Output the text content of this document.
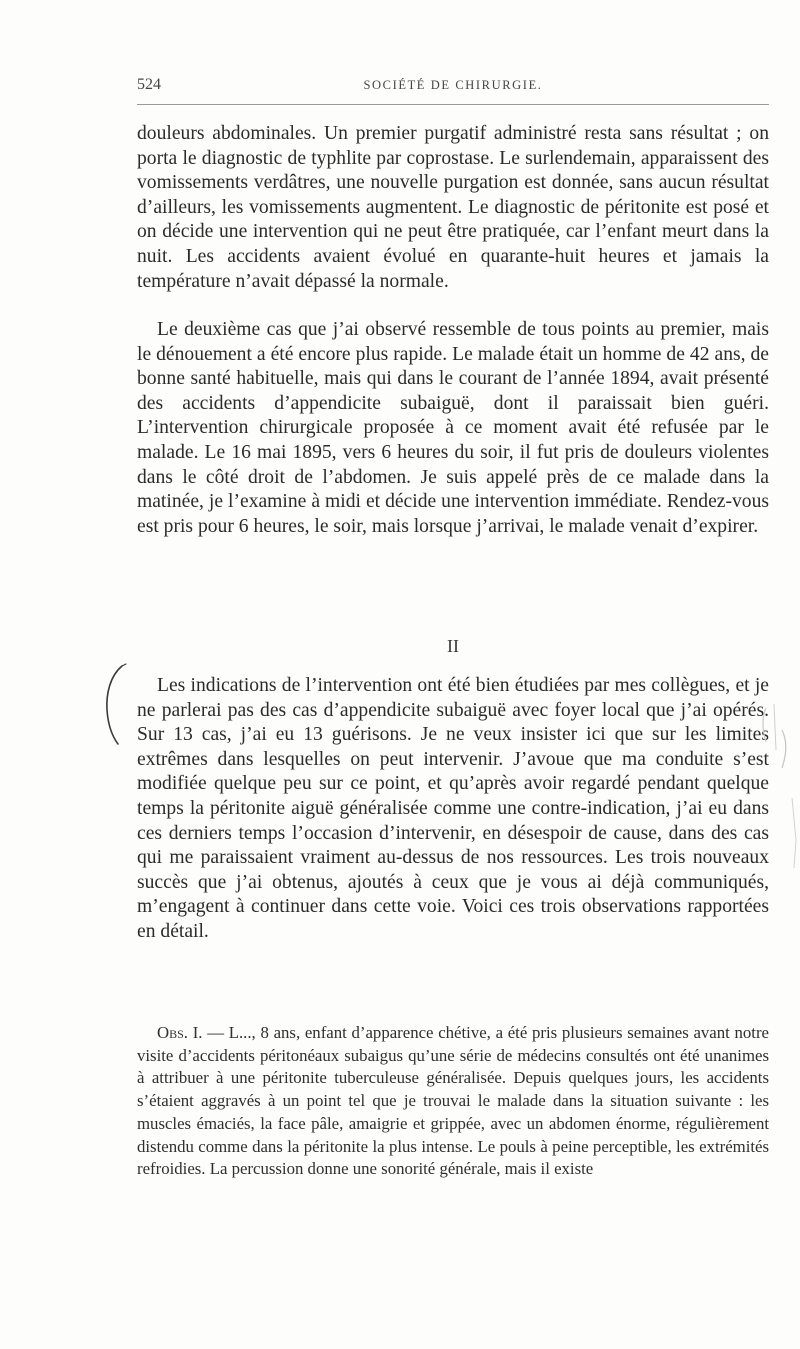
524	SOCIÉTÉ DE CHIRURGIE.

douleurs abdominales. Un premier purgatif administré resta sans résultat ; on porta le diagnostic de typhlite par coprostase. Le surlendemain, apparaissent des vomissements verdâtres, une nouvelle purgation est donnée, sans aucun résultat d’ailleurs, les vomissements augmentent. Le diagnostic de péritonite est posé et on décide une intervention qui ne peut être pratiquée, car l’enfant meurt dans la nuit. Les accidents avaient évolué en quarante-huit heures et jamais la température n’avait dépassé la normale.

Le deuxième cas que j’ai observé ressemble de tous points au premier, mais le dénouement a été encore plus rapide. Le malade était un homme de 42 ans, de bonne santé habituelle, mais qui dans le courant de l’année 1894, avait présenté des accidents d’appendicite subaiguë, dont il paraissait bien guéri. L’intervention chirurgicale proposée à ce moment avait été refusée par le malade. Le 16 mai 1895, vers 6 heures du soir, il fut pris de douleurs violentes dans le côté droit de l’abdomen. Je suis appelé près de ce malade dans la matinée, je l’examine à midi et décide une intervention immédiate. Rendez-vous est pris pour 6 heures, le soir, mais lorsque j’arrivai, le malade venait d’expirer.

II

Les indications de l’intervention ont été bien étudiées par mes collègues, et je ne parlerai pas des cas d’appendicite subaiguë avec foyer local que j’ai opérés. Sur 13 cas, j’ai eu 13 guérisons. Je ne veux insister ici que sur les limites extrêmes dans lesquelles on peut intervenir. J’avoue que ma conduite s’est modifiée quelque peu sur ce point, et qu’après avoir regardé pendant quelque temps la péritonite aiguë généralisée comme une contre-indication, j’ai eu dans ces derniers temps l’occasion d’intervenir, en désespoir de cause, dans des cas qui me paraissaient vraiment au-dessus de nos ressources. Les trois nouveaux succès que j’ai obtenus, ajoutés à ceux que je vous ai déjà communiqués, m’engagent à continuer dans cette voie. Voici ces trois observations rapportées en détail.

Obs. I. — L..., 8 ans, enfant d’apparence chétive, a été pris plusieurs semaines avant notre visite d’accidents péritonéaux subaigus qu’une série de médecins consultés ont été unanimes à attribuer à une péritonite tuberculeuse généralisée. Depuis quelques jours, les accidents s’étaient aggravés à un point tel que je trouvai le malade dans la situation suivante : les muscles émaciés, la face pâle, amaigrie et grippée, avec un abdomen énorme, régulièrement distendu comme dans la péritonite la plus intense. Le pouls à peine perceptible, les extrémités refroidies. La percussion donne une sonorité générale, mais il existe
